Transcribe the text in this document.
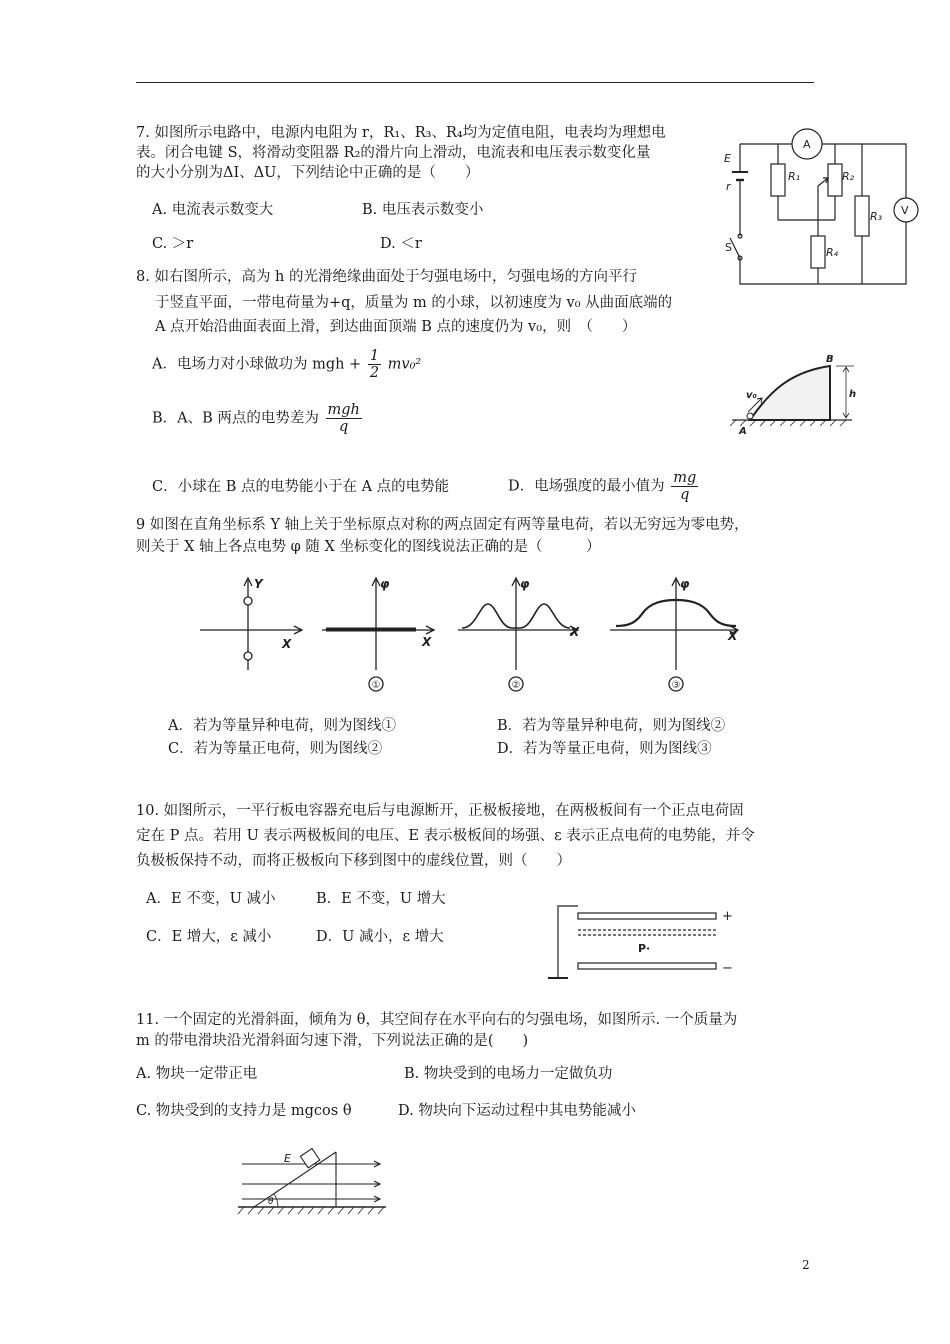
7. 如图所示电路中，电源内电阻为 r，R₁、R₃、R₄均为定值电阻，电表均为理想电
表。闭合电键 S，将滑动变阻器 R₂的滑片向上滑动，电流表和电压表示数变化量
的大小分别为ΔI、ΔU，下列结论中正确的是（　　）
A. 电流表示数变大	B. 电压表示数变小
C. ＞r	D. ＜r
E
r
A
V
R₁	R₂
R₃
R₄
S
8. 如右图所示，高为 h 的光滑绝缘曲面处于匀强电场中，匀强电场的方向平行
于竖直平面，一带电荷量为+q，质量为 m 的小球，以初速度为 v₀ 从曲面底端的
A 点开始沿曲面表面上滑，到达曲面顶端 B 点的速度仍为 v₀，则　（　　）
A．电场力对小球做功为 mgh + $\frac{1}{2} mv_0^2$
B．A、B 两点的电势差为 $\frac{\text{mgh}}{q}$
C．小球在 B 点的电势能小于在 A 点的电势能	D．电场强度的最小值为 $\frac{mg}{q}$
A
B
h
v₀
9 如图在直角坐标系 Y 轴上关于坐标原点对称的两点固定有两等量电荷，若以无穷远为零电势，
则关于 X 轴上各点电势 φ 随 X 坐标变化的图线说法正确的是（　　　）
Y
X
φ
X
φ
X
φ
X
①	②	③
A．若为等量异种电荷，则为图线①	B．若为等量异种电荷，则为图线②
C．若为等量正电荷，则为图线②	D．若为等量正电荷，则为图线③
10. 如图所示，一平行板电容器充电后与电源断开，正极板接地，在两极板间有一个正点电荷固
定在 P 点。若用 U 表示两极板间的电压、E 表示极板间的场强、ε 表示正点电荷的电势能，并令
负极板保持不动，而将正极板向下移到图中的虚线位置，则（　　）
A．E 不变，U 减小	B．E 不变，U 增大
C．E 增大，ε 减小	D．U 减小，ε 增大
P·
+
−
11. 一个固定的光滑斜面，倾角为 θ，其空间存在水平向右的匀强电场，如图所示. 一个质量为
m 的带电滑块沿光滑斜面匀速下滑，下列说法正确的是(　　)
A. 物块一定带正电	B. 物块受到的电场力一定做负功
C. 物块受到的支持力是 mgcos θ	D. 物块向下运动过程中其电势能减小
E
θ
2
